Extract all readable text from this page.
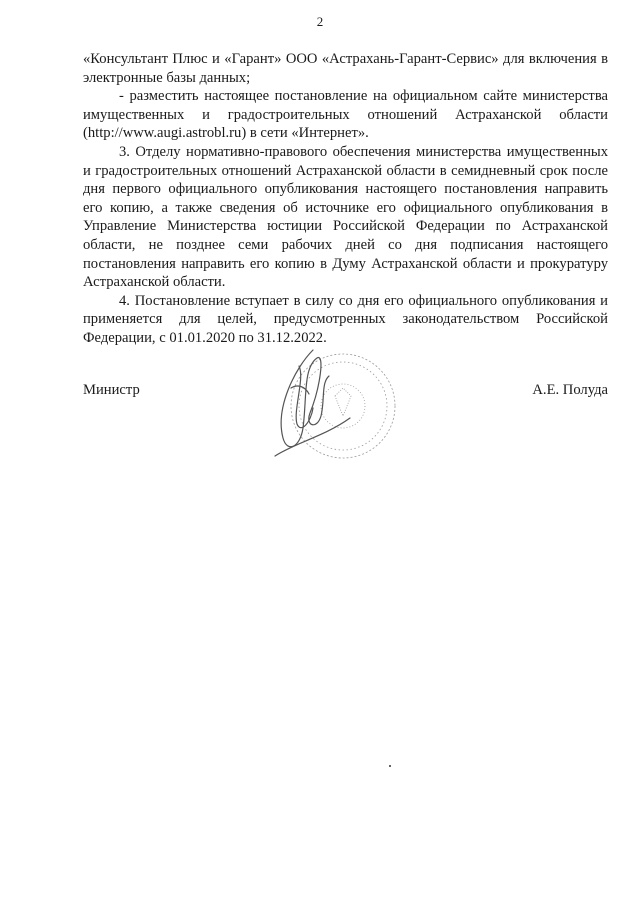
2

«Консультант Плюс и «Гарант» ООО «Астрахань-Гарант-Сервис» для включения в электронные базы данных;

- разместить настоящее постановление на официальном сайте министерства имущественных и градостроительных отношений Астраханской области (http://www.augi.astrobl.ru) в сети «Интернет».

3. Отделу нормативно-правового обеспечения министерства имущественных и градостроительных отношений Астраханской области в семидневный срок после дня первого официального опубликования настоящего постановления направить его копию, а также сведения об источнике его официального опубликования в Управление Министерства юстиции Российской Федерации по Астраханской области, не позднее семи рабочих дней со дня подписания настоящего постановления направить его копию в Думу Астраханской области и прокуратуру Астраханской области.

4. Постановление вступает в силу со дня его официального опубликования и применяется для целей, предусмотренных законодательством Российской Федерации, с 01.01.2020 по 31.12.2022.

Министр	А.Е. Полуда
